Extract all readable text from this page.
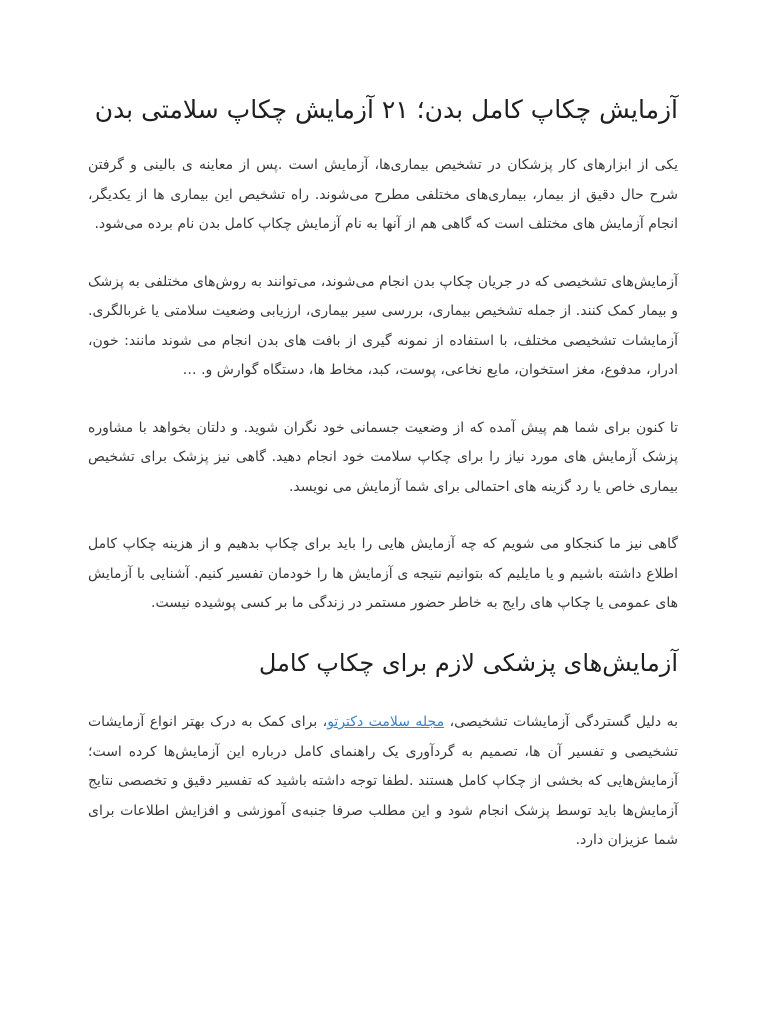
آزمایش چکاپ کامل بدن؛ ۲۱ آزمایش چکاپ سلامتی بدن

یکی از ابزارهای کار پزشکان در تشخیص بیماری‌ها، آزمایش است .پس از معاینه ی بالینی و گرفتن شرح حال دقیق از بیمار، بیماری‌های مختلفی مطرح می‌شوند. راه تشخیص این بیماری ها از یکدیگر، انجام آزمایش های مختلف است که گاهی هم از آنها به نام آزمایش چکاپ کامل بدن نام برده می‌شود.

آزمایش‌های تشخیصی که در جریان چکاپ بدن انجام می‌شوند، می‌توانند به روش‌های مختلفی به پزشک و بیمار کمک کنند. از جمله تشخیص بیماری، بررسی سیر بیماری، ارزیابی وضعیت سلامتی یا غربالگری. آزمایشات تشخیصی مختلف، با استفاده از نمونه گیری از بافت های بدن انجام می شوند مانند: خون، ادرار، مدفوع، مغز استخوان، مایع نخاعی، پوست، کبد، مخاط ها، دستگاه گوارش و. …

تا کنون برای شما هم پیش آمده که از وضعیت جسمانی خود نگران شوید. و دلتان بخواهد با مشاوره پزشک آزمایش های مورد نیاز را برای چکاپ سلامت خود انجام دهید. گاهی نیز پزشک برای تشخیص بیماری خاص یا رد گزینه های احتمالی برای شما آزمایش می نویسد.

گاهی نیز ما کنجکاو می شویم که چه آزمایش هایی را باید برای چکاپ بدهیم و از هزینه چکاپ کامل اطلاع داشته باشیم و یا مایلیم که بتوانیم نتیجه ی آزمایش ها را خودمان تفسیر کنیم. آشنایی با آزمایش های عمومی یا چکاپ های رایج به خاطر حضور مستمر در زندگی ما بر کسی پوشیده نیست.

آزمایش‌های پزشکی لازم برای چکاپ کامل

به دلیل گستردگی آزمایشات تشخیصی، مجله سلامت دکترتو، برای کمک به درک بهتر انواع آزمایشات تشخیصی و تفسیر آن ها، تصمیم به گردآوری یک راهنمای کامل درباره این آزمایش‌ها کرده است؛ آزمایش‌هایی که بخشی از چکاپ کامل هستند .لطفا توجه داشته باشید که تفسیر دقیق و تخصصی نتایج آزمایش‌ها باید توسط پزشک انجام شود و این مطلب صرفا جنبه‌ی آموزشی و افزایش اطلاعات برای شما عزیزان دارد.
